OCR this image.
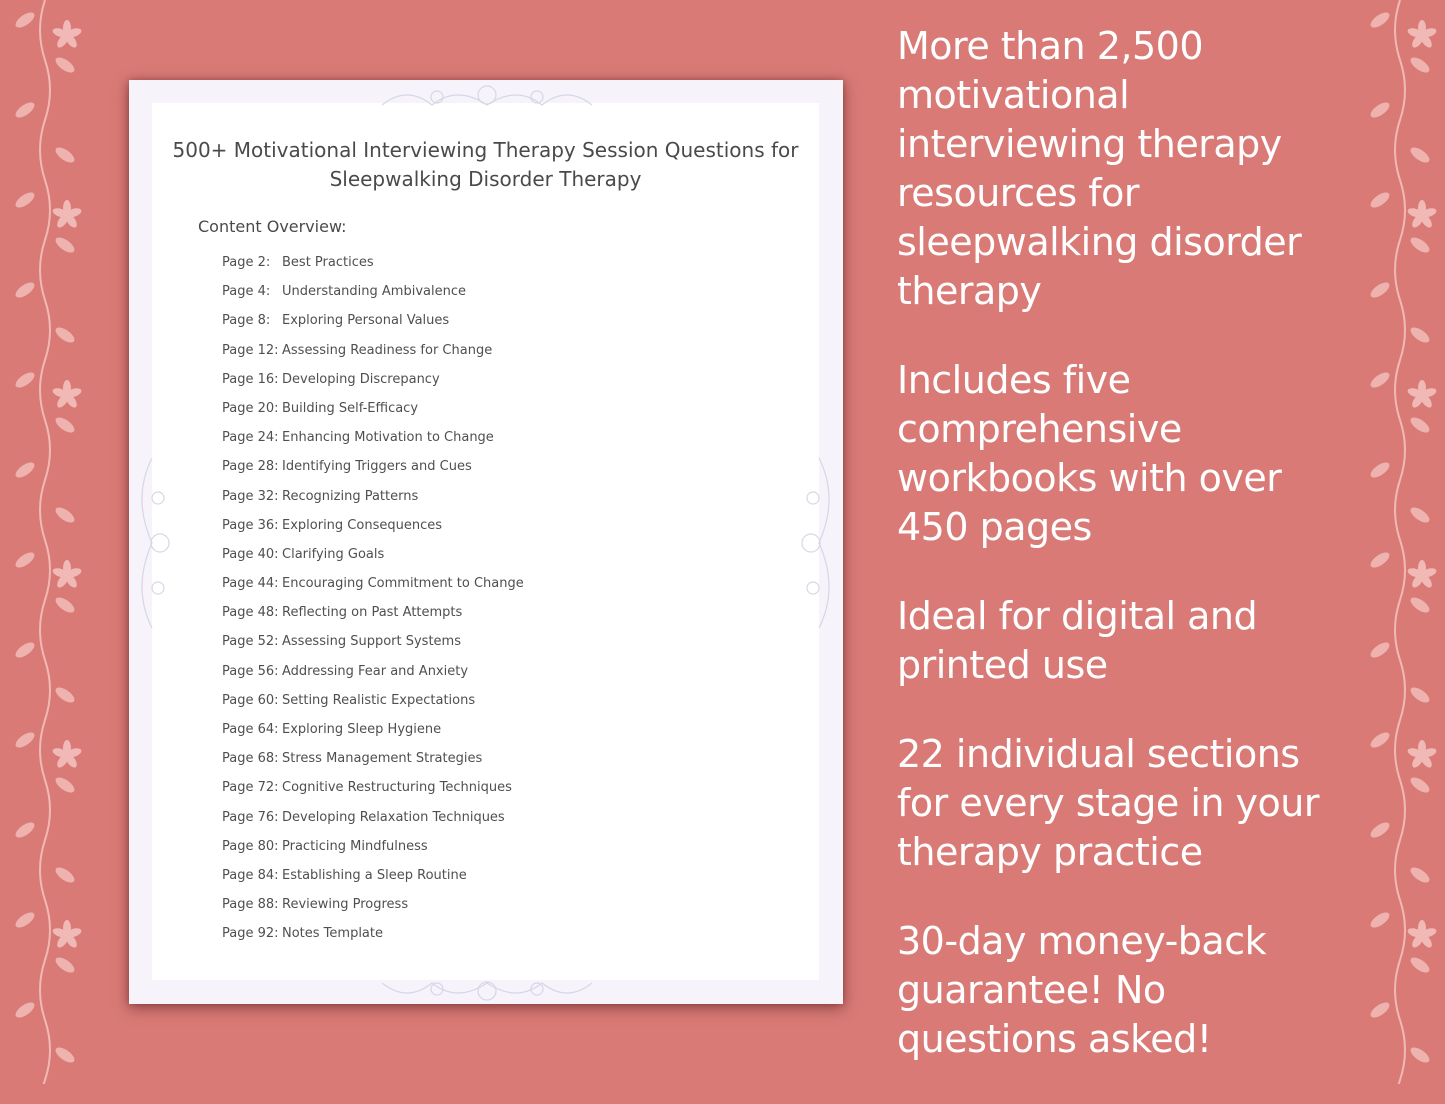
500+ Motivational Interviewing Therapy Session Questions for Sleepwalking Disorder Therapy
Content Overview:
Page 2: Best Practices
Page 4: Understanding Ambivalence
Page 8: Exploring Personal Values
Page 12: Assessing Readiness for Change
Page 16: Developing Discrepancy
Page 20: Building Self-Efficacy
Page 24: Enhancing Motivation to Change
Page 28: Identifying Triggers and Cues
Page 32: Recognizing Patterns
Page 36: Exploring Consequences
Page 40: Clarifying Goals
Page 44: Encouraging Commitment to Change
Page 48: Reflecting on Past Attempts
Page 52: Assessing Support Systems
Page 56: Addressing Fear and Anxiety
Page 60: Setting Realistic Expectations
Page 64: Exploring Sleep Hygiene
Page 68: Stress Management Strategies
Page 72: Cognitive Restructuring Techniques
Page 76: Developing Relaxation Techniques
Page 80: Practicing Mindfulness
Page 84: Establishing a Sleep Routine
Page 88: Reviewing Progress
Page 92: Notes Template

More than 2,500 motivational interviewing therapy resources for sleepwalking disorder therapy

Includes five comprehensive workbooks with over 450 pages

Ideal for digital and printed use

22 individual sections for every stage in your therapy practice

30-day money-back guarantee! No questions asked!
